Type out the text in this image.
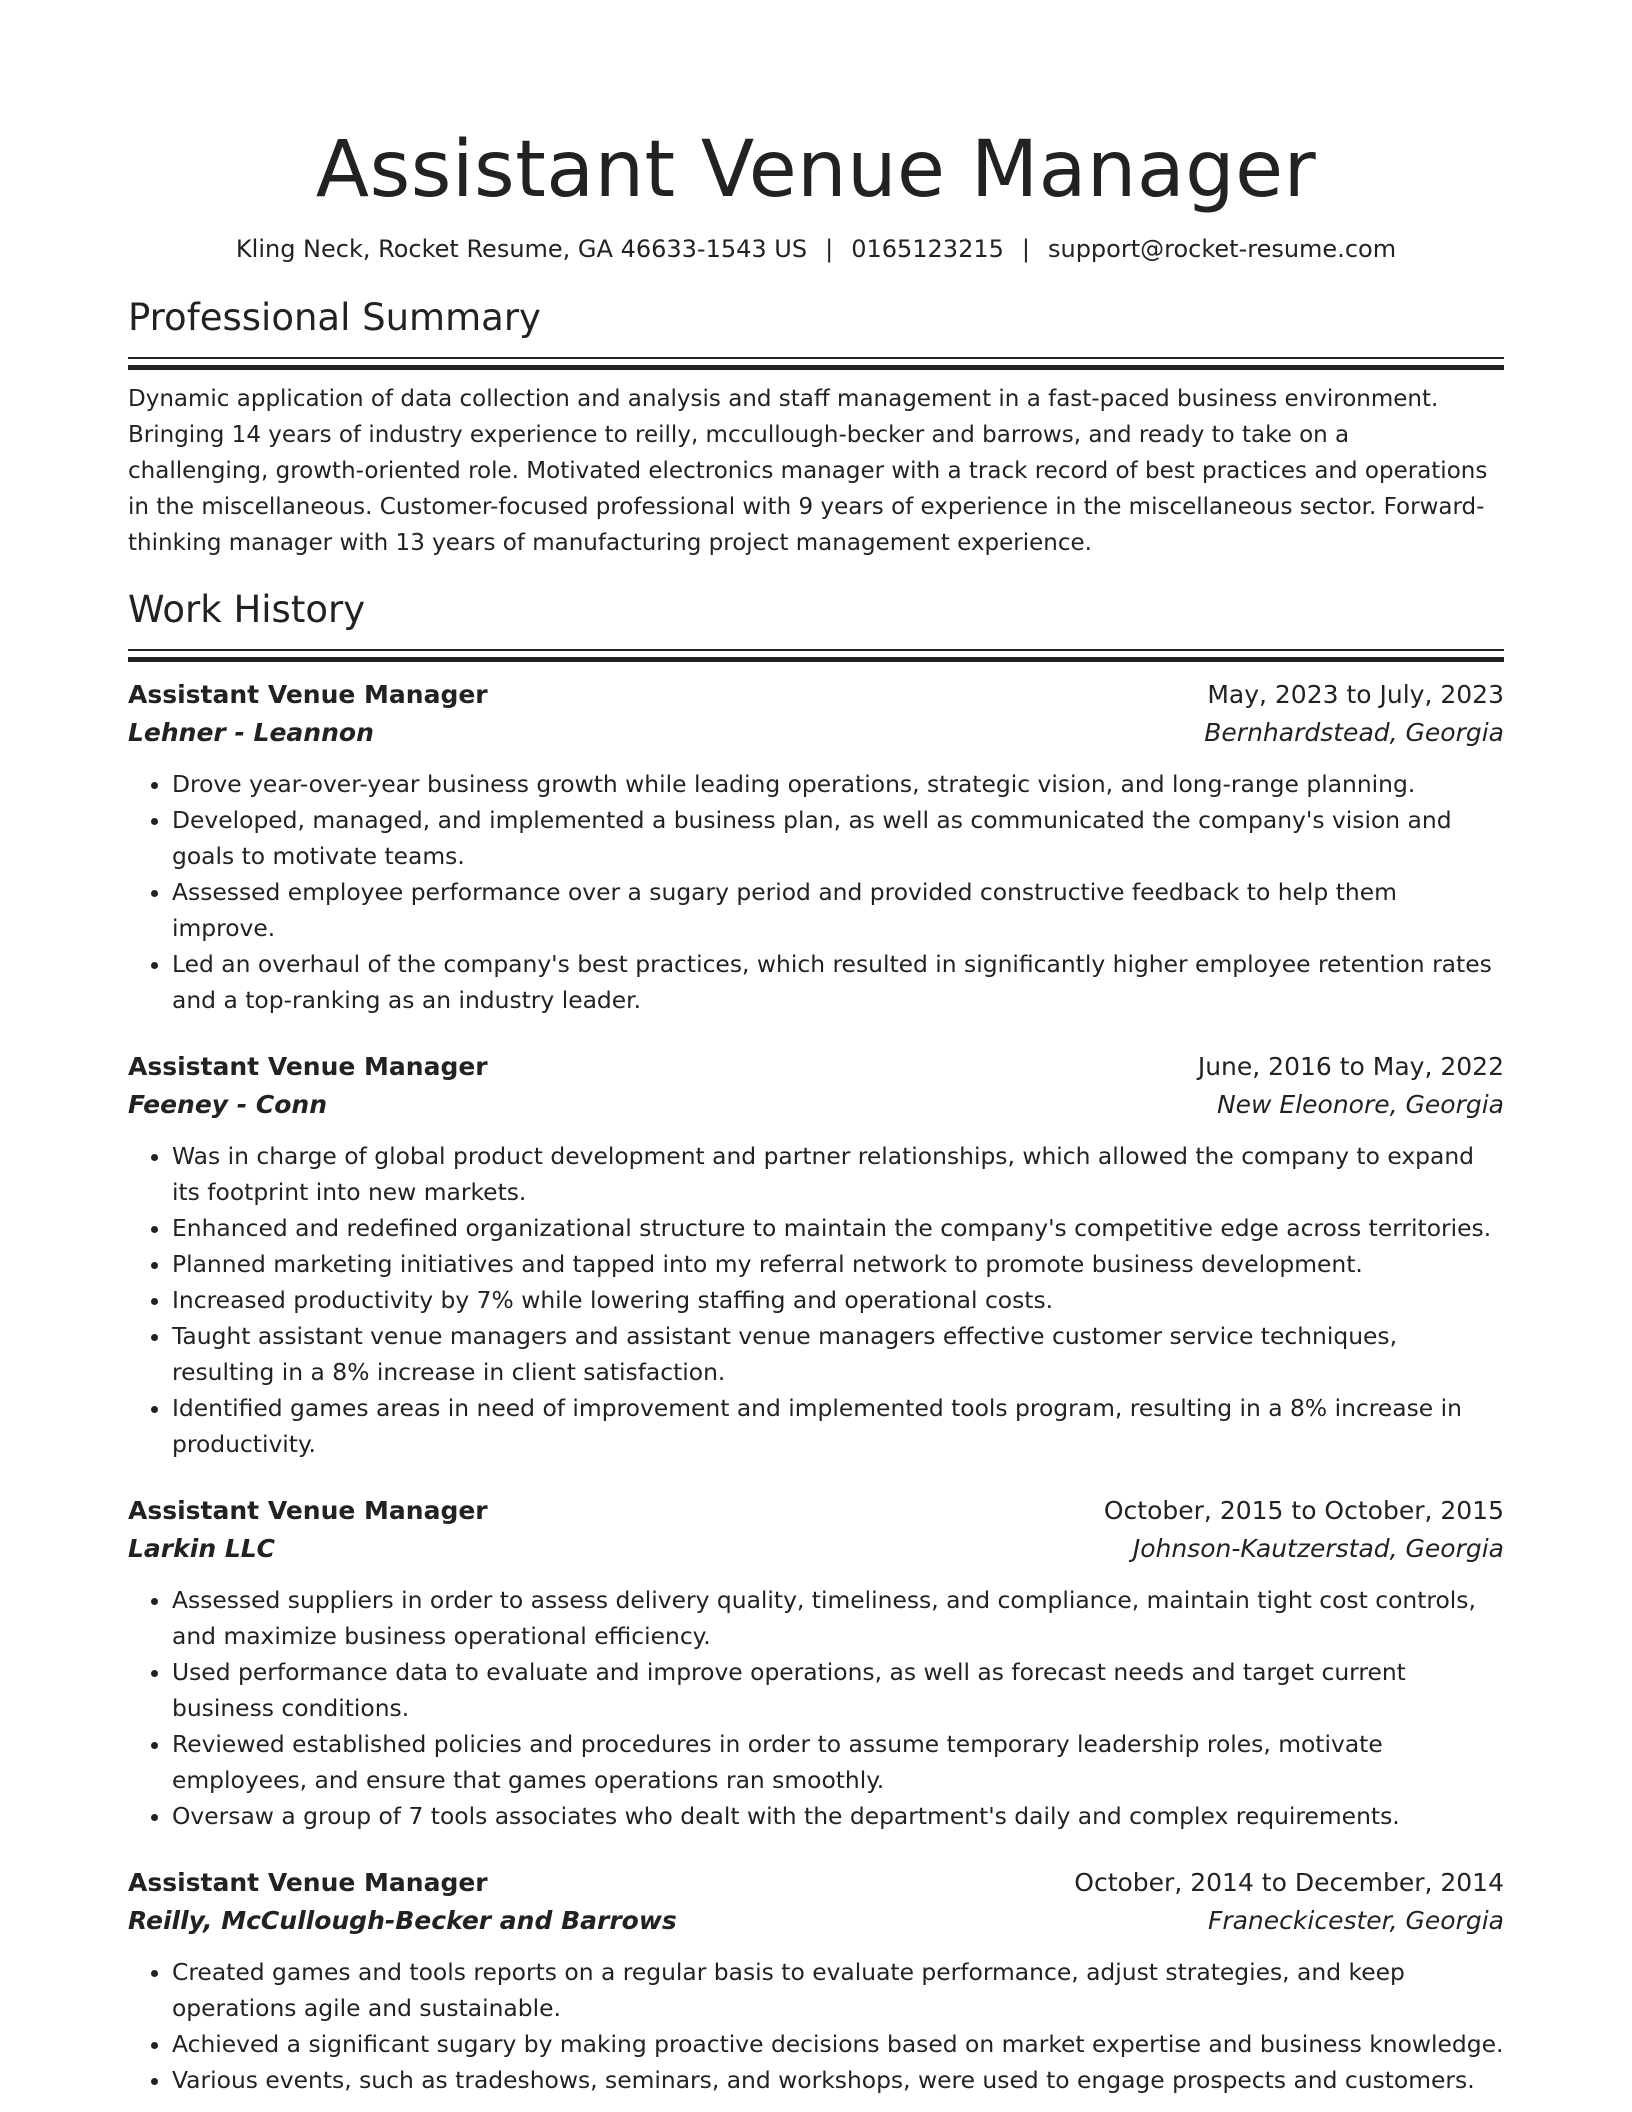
Assistant Venue Manager
Kling Neck, Rocket Resume, GA 46633-1543 US | 0165123215 | support@rocket-resume.com
Professional Summary
Dynamic application of data collection and analysis and staff management in a fast-paced business environment. Bringing 14 years of industry experience to reilly, mccullough-becker and barrows, and ready to take on a challenging, growth-oriented role. Motivated electronics manager with a track record of best practices and operations in the miscellaneous. Customer-focused professional with 9 years of experience in the miscellaneous sector. Forward-thinking manager with 13 years of manufacturing project management experience.
Work History
Assistant Venue Manager	May, 2023 to July, 2023
Lehner - Leannon	Bernhardstead, Georgia
• Drove year-over-year business growth while leading operations, strategic vision, and long-range planning.
• Developed, managed, and implemented a business plan, as well as communicated the company's vision and goals to motivate teams.
• Assessed employee performance over a sugary period and provided constructive feedback to help them improve.
• Led an overhaul of the company's best practices, which resulted in significantly higher employee retention rates and a top-ranking as an industry leader.
Assistant Venue Manager	June, 2016 to May, 2022
Feeney - Conn	New Eleonore, Georgia
• Was in charge of global product development and partner relationships, which allowed the company to expand its footprint into new markets.
• Enhanced and redefined organizational structure to maintain the company's competitive edge across territories.
• Planned marketing initiatives and tapped into my referral network to promote business development.
• Increased productivity by 7% while lowering staffing and operational costs.
• Taught assistant venue managers and assistant venue managers effective customer service techniques, resulting in a 8% increase in client satisfaction.
• Identified games areas in need of improvement and implemented tools program, resulting in a 8% increase in productivity.
Assistant Venue Manager	October, 2015 to October, 2015
Larkin LLC	Johnson-Kautzerstad, Georgia
• Assessed suppliers in order to assess delivery quality, timeliness, and compliance, maintain tight cost controls, and maximize business operational efficiency.
• Used performance data to evaluate and improve operations, as well as forecast needs and target current business conditions.
• Reviewed established policies and procedures in order to assume temporary leadership roles, motivate employees, and ensure that games operations ran smoothly.
• Oversaw a group of 7 tools associates who dealt with the department's daily and complex requirements.
Assistant Venue Manager	October, 2014 to December, 2014
Reilly, McCullough-Becker and Barrows	Franeckicester, Georgia
• Created games and tools reports on a regular basis to evaluate performance, adjust strategies, and keep operations agile and sustainable.
• Achieved a significant sugary by making proactive decisions based on market expertise and business knowledge.
• Various events, such as tradeshows, seminars, and workshops, were used to engage prospects and customers.
